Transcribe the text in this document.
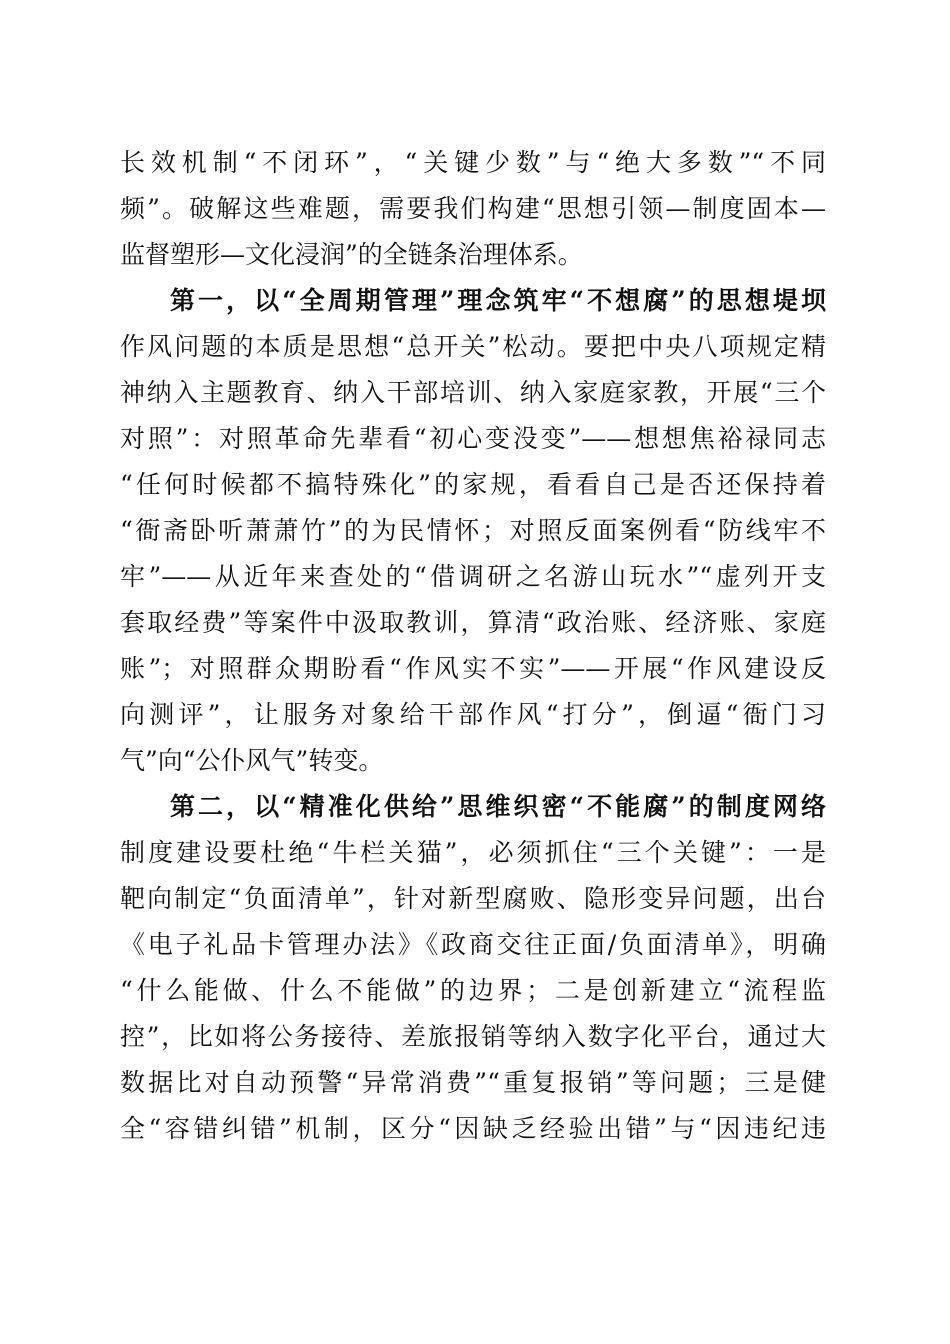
长效机制“不闭环”，“关键少数”与“绝大多数”“不同
频”。破解这些难题，需要我们构建“思想引领—制度固本—
监督塑形—文化浸润”的全链条治理体系。
第一，以“全周期管理”理念筑牢“不想腐”的思想堤坝
作风问题的本质是思想“总开关”松动。要把中央八项规定精
神纳入主题教育、纳入干部培训、纳入家庭家教，开展“三个
对照”：对照革命先辈看“初心变没变”——想想焦裕禄同志
“任何时候都不搞特殊化”的家规，看看自己是否还保持着
“衙斋卧听萧萧竹”的为民情怀；对照反面案例看“防线牢不
牢”——从近年来查处的“借调研之名游山玩水”“虚列开支
套取经费”等案件中汲取教训，算清“政治账、经济账、家庭
账”；对照群众期盼看“作风实不实”——开展“作风建设反
向测评”，让服务对象给干部作风“打分”，倒逼“衙门习
气”向“公仆风气”转变。
第二，以“精准化供给”思维织密“不能腐”的制度网络
制度建设要杜绝“牛栏关猫”，必须抓住“三个关键”：一是
靶向制定“负面清单”，针对新型腐败、隐形变异问题，出台
《电子礼品卡管理办法》《政商交往正面/负面清单》，明确
“什么能做、什么不能做”的边界；二是创新建立“流程监
控”，比如将公务接待、差旅报销等纳入数字化平台，通过大
数据比对自动预警“异常消费”“重复报销”等问题；三是健
全“容错纠错”机制，区分“因缺乏经验出错”与“因违纪违
